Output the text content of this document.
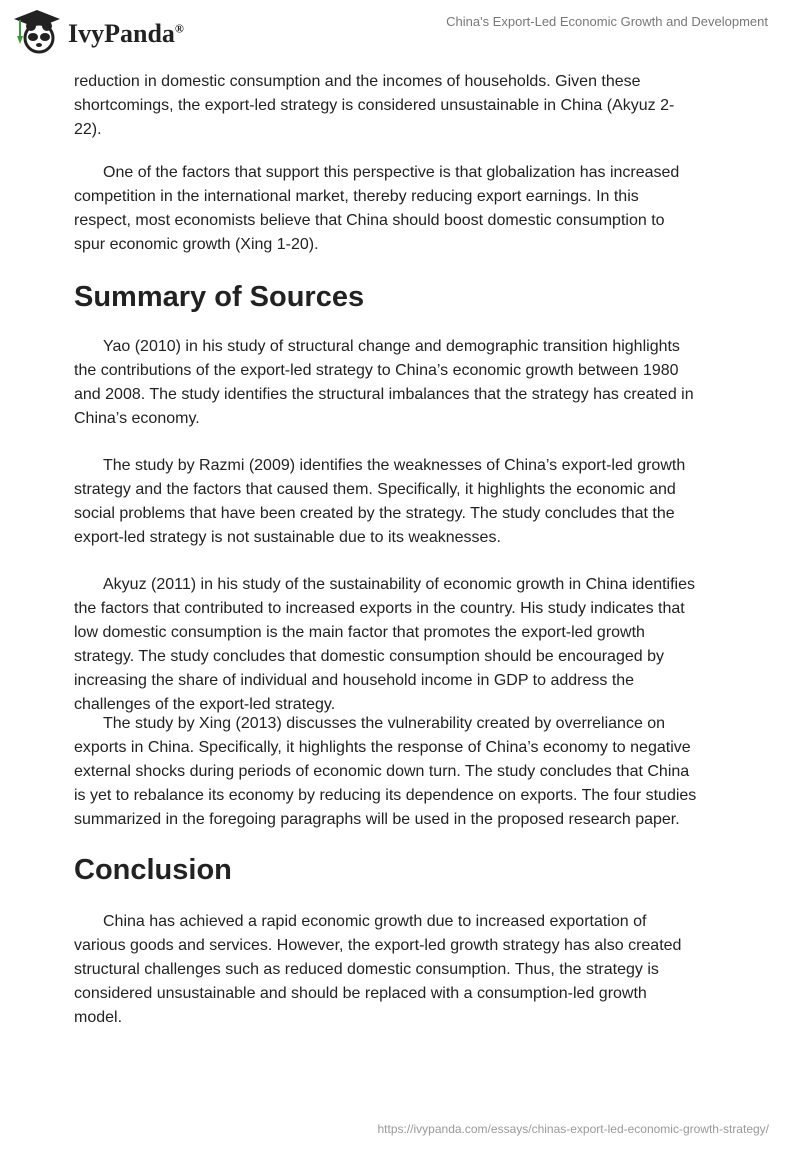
IvyPanda®	China's Export-Led Economic Growth and Development
reduction in domestic consumption and the incomes of households. Given these
shortcomings, the export-led strategy is considered unsustainable in China (Akyuz 2-
22).
One of the factors that support this perspective is that globalization has increased
competition in the international market, thereby reducing export earnings. In this
respect, most economists believe that China should boost domestic consumption to
spur economic growth (Xing 1-20).
Summary of Sources
Yao (2010) in his study of structural change and demographic transition highlights
the contributions of the export-led strategy to China’s economic growth between 1980
and 2008. The study identifies the structural imbalances that the strategy has created in
China’s economy.
The study by Razmi (2009) identifies the weaknesses of China’s export-led growth
strategy and the factors that caused them. Specifically, it highlights the economic and
social problems that have been created by the strategy. The study concludes that the
export-led strategy is not sustainable due to its weaknesses.
Akyuz (2011) in his study of the sustainability of economic growth in China identifies
the factors that contributed to increased exports in the country. His study indicates that
low domestic consumption is the main factor that promotes the export-led growth
strategy. The study concludes that domestic consumption should be encouraged by
increasing the share of individual and household income in GDP to address the
challenges of the export-led strategy.
The study by Xing (2013) discusses the vulnerability created by overreliance on
exports in China. Specifically, it highlights the response of China’s economy to negative
external shocks during periods of economic down turn. The study concludes that China
is yet to rebalance its economy by reducing its dependence on exports. The four studies
summarized in the foregoing paragraphs will be used in the proposed research paper.
Conclusion
China has achieved a rapid economic growth due to increased exportation of
various goods and services. However, the export-led growth strategy has also created
structural challenges such as reduced domestic consumption. Thus, the strategy is
considered unsustainable and should be replaced with a consumption-led growth
model.
https://ivypanda.com/essays/chinas-export-led-economic-growth-strategy/
